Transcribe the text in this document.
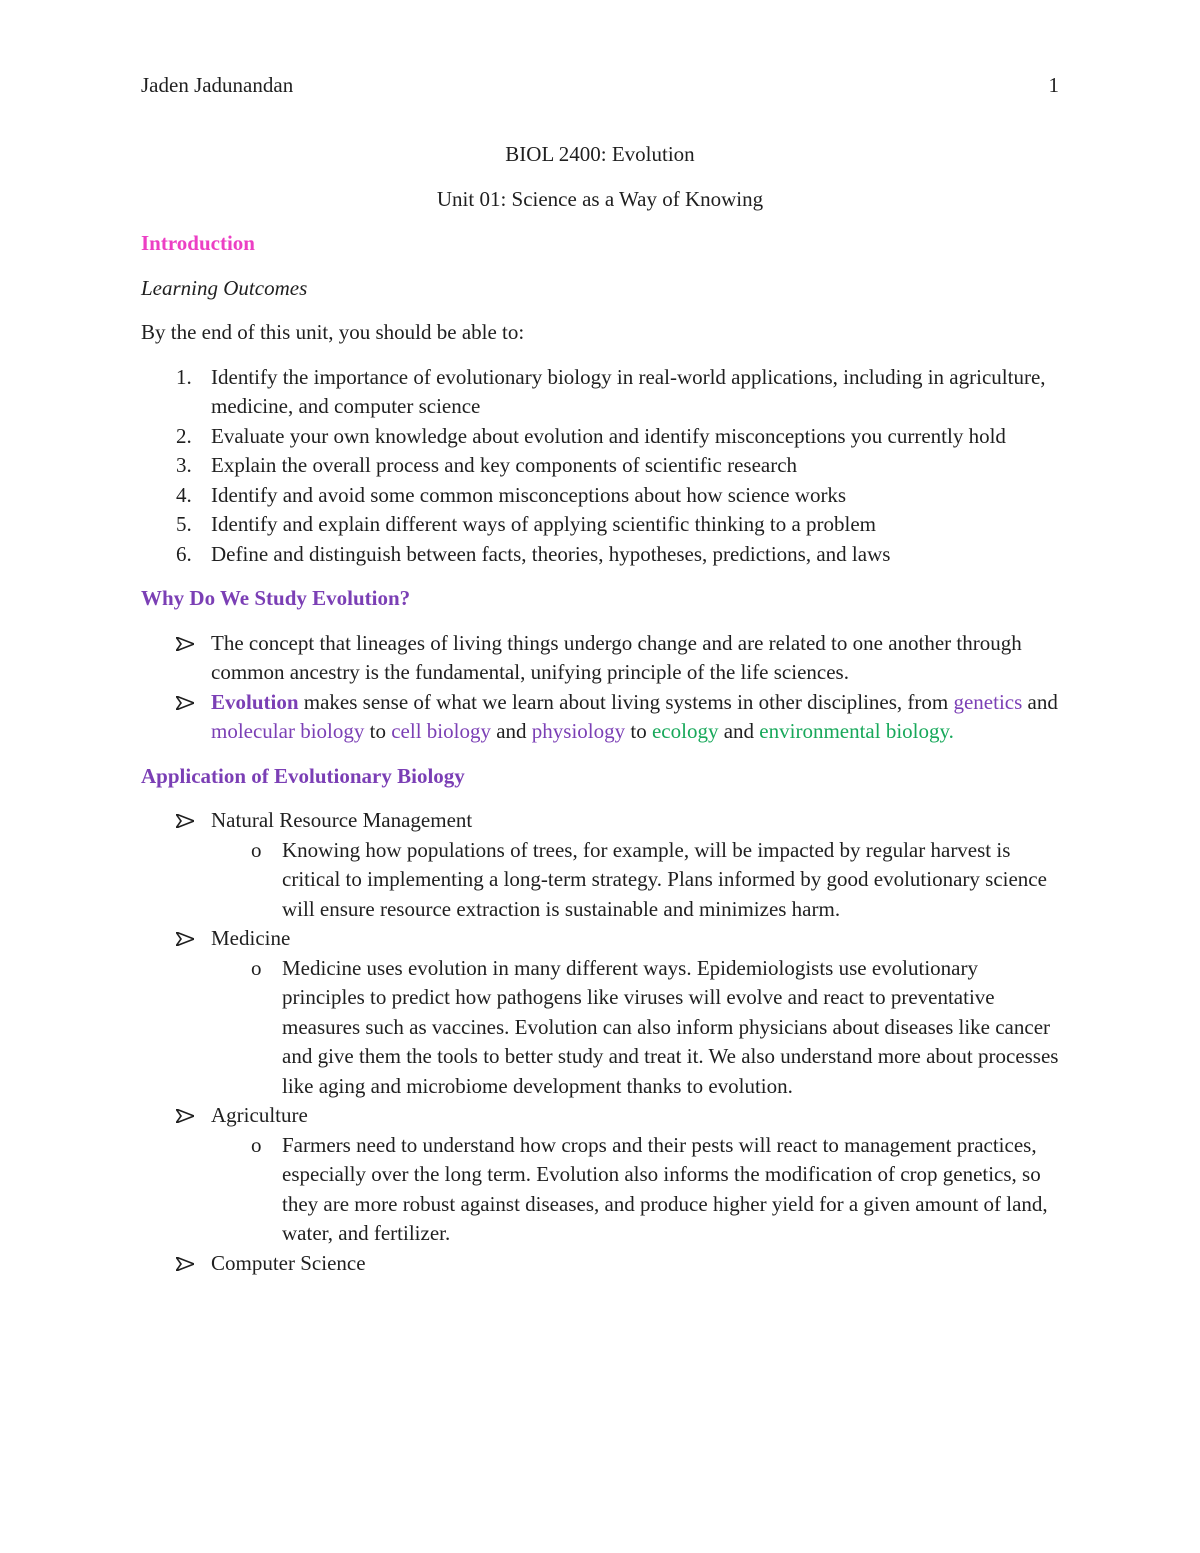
Jaden Jadunandan	1
BIOL 2400: Evolution
Unit 01: Science as a Way of Knowing
Introduction
Learning Outcomes
By the end of this unit, you should be able to:
1. Identify the importance of evolutionary biology in real-world applications, including in agriculture, medicine, and computer science
2. Evaluate your own knowledge about evolution and identify misconceptions you currently hold
3. Explain the overall process and key components of scientific research
4. Identify and avoid some common misconceptions about how science works
5. Identify and explain different ways of applying scientific thinking to a problem
6. Define and distinguish between facts, theories, hypotheses, predictions, and laws
Why Do We Study Evolution?
The concept that lineages of living things undergo change and are related to one another through common ancestry is the fundamental, unifying principle of the life sciences.
Evolution makes sense of what we learn about living systems in other disciplines, from genetics and molecular biology to cell biology and physiology to ecology and environmental biology.
Application of Evolutionary Biology
Natural Resource Management
o Knowing how populations of trees, for example, will be impacted by regular harvest is critical to implementing a long-term strategy. Plans informed by good evolutionary science will ensure resource extraction is sustainable and minimizes harm.
Medicine
o Medicine uses evolution in many different ways. Epidemiologists use evolutionary principles to predict how pathogens like viruses will evolve and react to preventative measures such as vaccines. Evolution can also inform physicians about diseases like cancer and give them the tools to better study and treat it. We also understand more about processes like aging and microbiome development thanks to evolution.
Agriculture
o Farmers need to understand how crops and their pests will react to management practices, especially over the long term. Evolution also informs the modification of crop genetics, so they are more robust against diseases, and produce higher yield for a given amount of land, water, and fertilizer.
Computer Science
